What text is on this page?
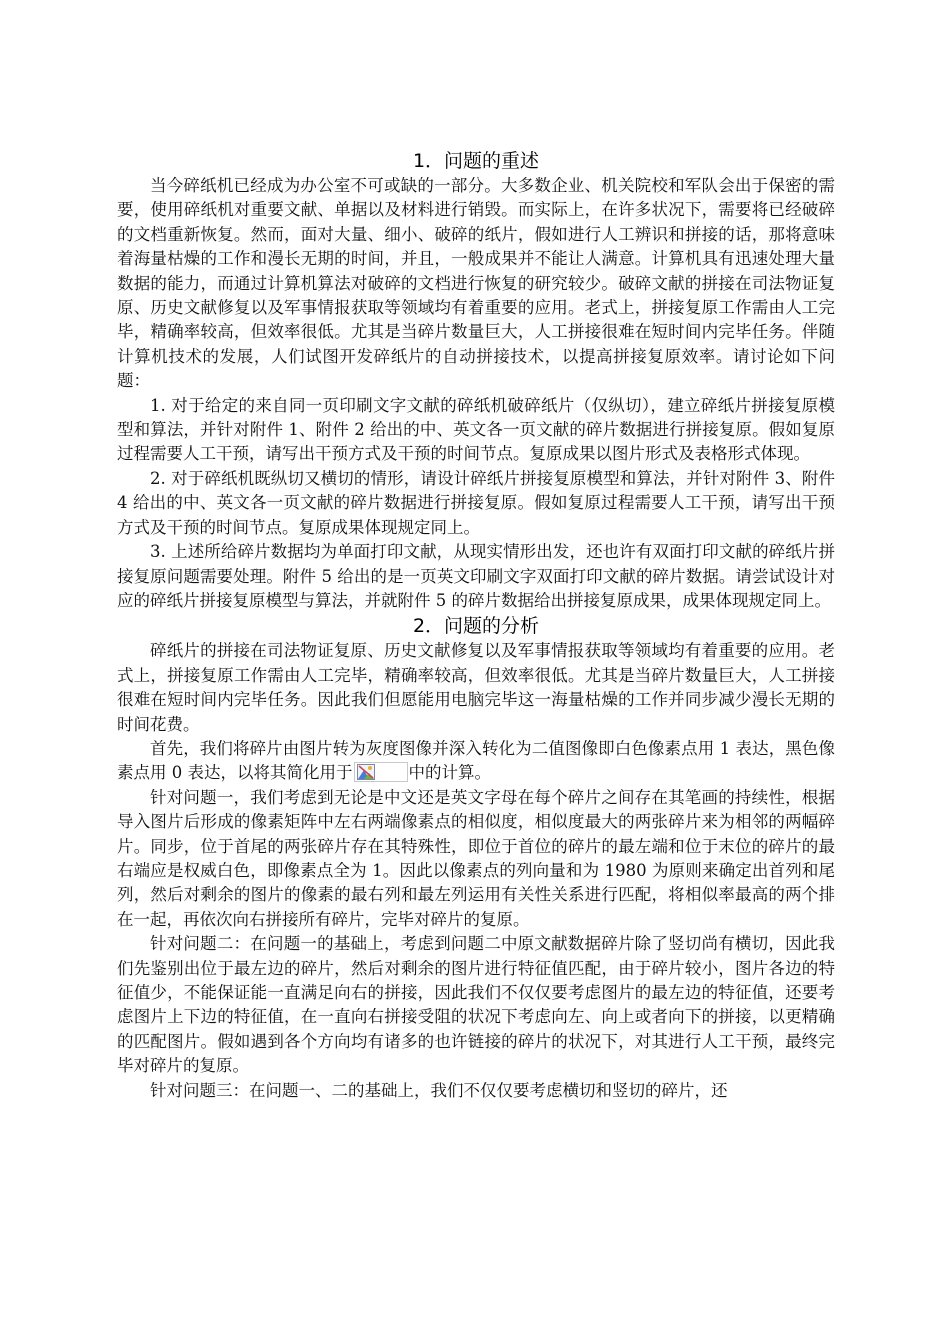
1．问题的重述

当今碎纸机已经成为办公室不可或缺的一部分。大多数企业、机关院校和军队会出于保密的需要，使用碎纸机对重要文献、单据以及材料进行销毁。而实际上，在许多状况下，需要将已经破碎的文档重新恢复。然而，面对大量、细小、破碎的纸片，假如进行人工辨识和拼接的话，那将意味着海量枯燥的工作和漫长无期的时间，并且，一般成果并不能让人满意。计算机具有迅速处理大量数据的能力，而通过计算机算法对破碎的文档进行恢复的研究较少。破碎文献的拼接在司法物证复原、历史文献修复以及军事情报获取等领域均有着重要的应用。老式上，拼接复原工作需由人工完毕，精确率较高，但效率很低。尤其是当碎片数量巨大，人工拼接很难在短时间内完毕任务。伴随计算机技术的发展，人们试图开发碎纸片的自动拼接技术，以提高拼接复原效率。请讨论如下问题：

1. 对于给定的来自同一页印刷文字文献的碎纸机破碎纸片（仅纵切），建立碎纸片拼接复原模型和算法，并针对附件 1、附件 2 给出的中、英文各一页文献的碎片数据进行拼接复原。假如复原过程需要人工干预，请写出干预方式及干预的时间节点。复原成果以图片形式及表格形式体现。

2. 对于碎纸机既纵切又横切的情形，请设计碎纸片拼接复原模型和算法，并针对附件 3、附件 4 给出的中、英文各一页文献的碎片数据进行拼接复原。假如复原过程需要人工干预，请写出干预方式及干预的时间节点。复原成果体现规定同上。

3. 上述所给碎片数据均为单面打印文献，从现实情形出发，还也许有双面打印文献的碎纸片拼接复原问题需要处理。附件 5 给出的是一页英文印刷文字双面打印文献的碎片数据。请尝试设计对应的碎纸片拼接复原模型与算法，并就附件 5 的碎片数据给出拼接复原成果，成果体现规定同上。

2．问题的分析

碎纸片的拼接在司法物证复原、历史文献修复以及军事情报获取等领域均有着重要的应用。老式上，拼接复原工作需由人工完毕，精确率较高，但效率很低。尤其是当碎片数量巨大，人工拼接很难在短时间内完毕任务。因此我们但愿能用电脑完毕这一海量枯燥的工作并同步减少漫长无期的时间花费。

首先，我们将碎片由图片转为灰度图像并深入转化为二值图像即白色像素点用 1 表达，黑色像素点用 0 表达，以将其简化用于	中的计算。

针对问题一，我们考虑到无论是中文还是英文字母在每个碎片之间存在其笔画的持续性，根据导入图片后形成的像素矩阵中左右两端像素点的相似度，相似度最大的两张碎片来为相邻的两幅碎片。同步，位于首尾的两张碎片存在其特殊性，即位于首位的碎片的最左端和位于末位的碎片的最右端应是权威白色，即像素点全为 1。因此以像素点的列向量和为 1980 为原则来确定出首列和尾列，然后对剩余的图片的像素的最右列和最左列运用有关性关系进行匹配，将相似率最高的两个排在一起，再依次向右拼接所有碎片，完毕对碎片的复原。

针对问题二：在问题一的基础上，考虑到问题二中原文献数据碎片除了竖切尚有横切，因此我们先鉴别出位于最左边的碎片，然后对剩余的图片进行特征值匹配，由于碎片较小，图片各边的特征值少，不能保证能一直满足向右的拼接，因此我们不仅仅要考虑图片的最左边的特征值，还要考虑图片上下边的特征值，在一直向右拼接受阻的状况下考虑向左、向上或者向下的拼接，以更精确的匹配图片。假如遇到各个方向均有诸多的也许链接的碎片的状况下，对其进行人工干预，最终完毕对碎片的复原。

针对问题三：在问题一、二的基础上，我们不仅仅要考虑横切和竖切的碎片，还
